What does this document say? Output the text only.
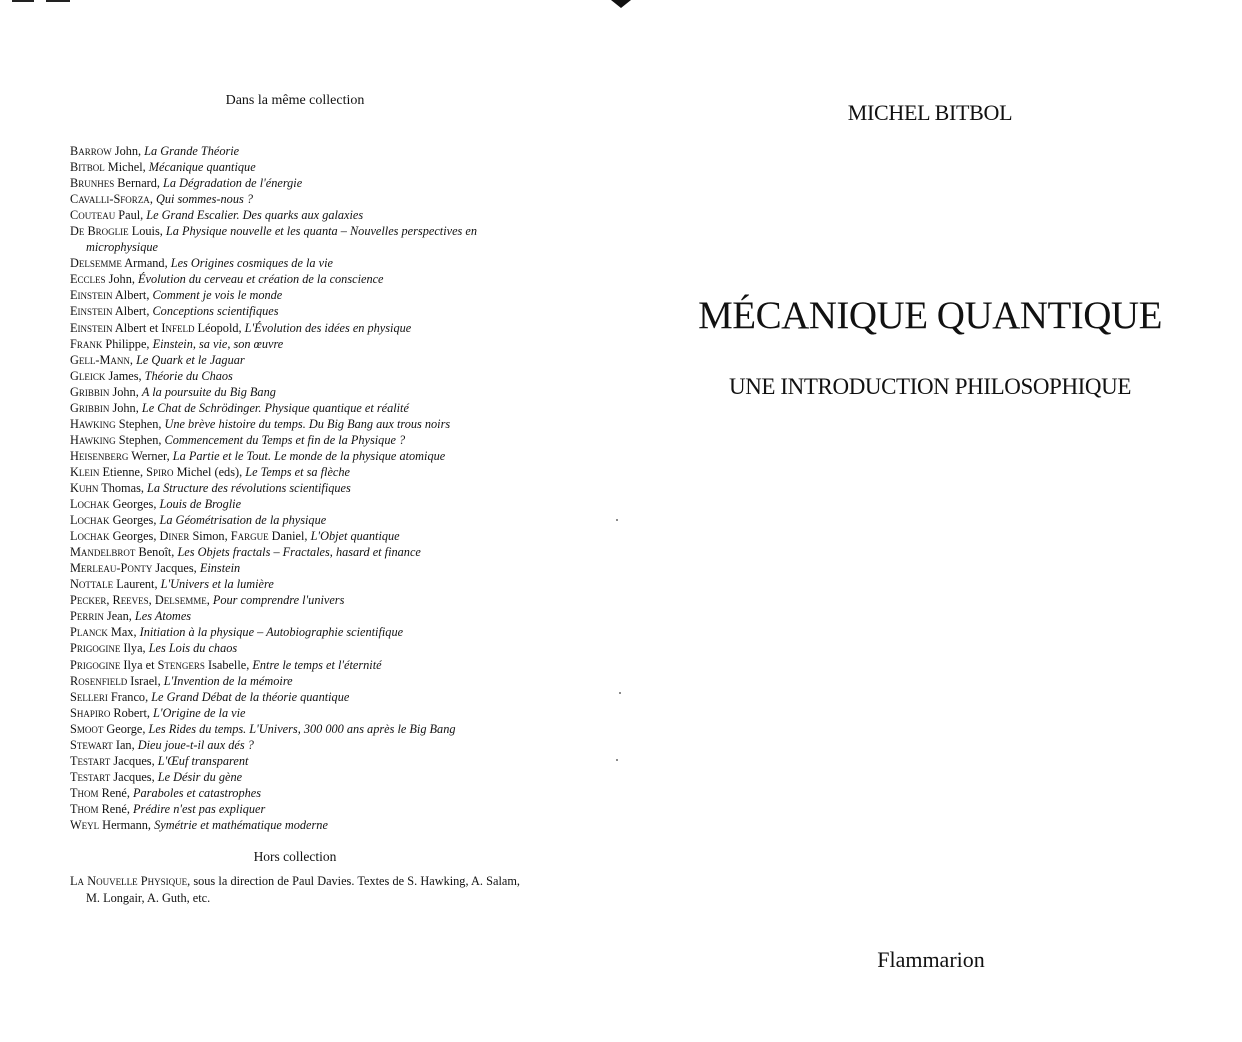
Dans la même collection
Barrow John, La Grande Théorie
Bitbol Michel, Mécanique quantique
Brunhes Bernard, La Dégradation de l'énergie
Cavalli-Sforza, Qui sommes-nous ?
Couteau Paul, Le Grand Escalier. Des quarks aux galaxies
De Broglie Louis, La Physique nouvelle et les quanta – Nouvelles perspectives en microphysique
Delsemme Armand, Les Origines cosmiques de la vie
Eccles John, Évolution du cerveau et création de la conscience
Einstein Albert, Comment je vois le monde
Einstein Albert, Conceptions scientifiques
Einstein Albert et Infeld Léopold, L'Évolution des idées en physique
Frank Philippe, Einstein, sa vie, son œuvre
Gell-Mann, Le Quark et le Jaguar
Gleick James, Théorie du Chaos
Gribbin John, A la poursuite du Big Bang
Gribbin John, Le Chat de Schrödinger. Physique quantique et réalité
Hawking Stephen, Une brève histoire du temps. Du Big Bang aux trous noirs
Hawking Stephen, Commencement du Temps et fin de la Physique ?
Heisenberg Werner, La Partie et le Tout. Le monde de la physique atomique
Klein Etienne, Spiro Michel (eds), Le Temps et sa flèche
Kuhn Thomas, La Structure des révolutions scientifiques
Lochak Georges, Louis de Broglie
Lochak Georges, La Géométrisation de la physique
Lochak Georges, Diner Simon, Fargue Daniel, L'Objet quantique
Mandelbrot Benoît, Les Objets fractals – Fractales, hasard et finance
Merleau-Ponty Jacques, Einstein
Nottale Laurent, L'Univers et la lumière
Pecker, Reeves, Delsemme, Pour comprendre l'univers
Perrin Jean, Les Atomes
Planck Max, Initiation à la physique – Autobiographie scientifique
Prigogine Ilya, Les Lois du chaos
Prigogine Ilya et Stengers Isabelle, Entre le temps et l'éternité
Rosenfield Israel, L'Invention de la mémoire
Selleri Franco, Le Grand Débat de la théorie quantique
Shapiro Robert, L'Origine de la vie
Smoot George, Les Rides du temps. L'Univers, 300 000 ans après le Big Bang
Stewart Ian, Dieu joue-t-il aux dés ?
Testart Jacques, L'Œuf transparent
Testart Jacques, Le Désir du gène
Thom René, Paraboles et catastrophes
Thom René, Prédire n'est pas expliquer
Weyl Hermann, Symétrie et mathématique moderne
Hors collection
La Nouvelle Physique, sous la direction de Paul Davies. Textes de S. Hawking, A. Salam, M. Longair, A. Guth, etc.
MICHEL BITBOL
MÉCANIQUE QUANTIQUE
UNE INTRODUCTION PHILOSOPHIQUE
Flammarion
